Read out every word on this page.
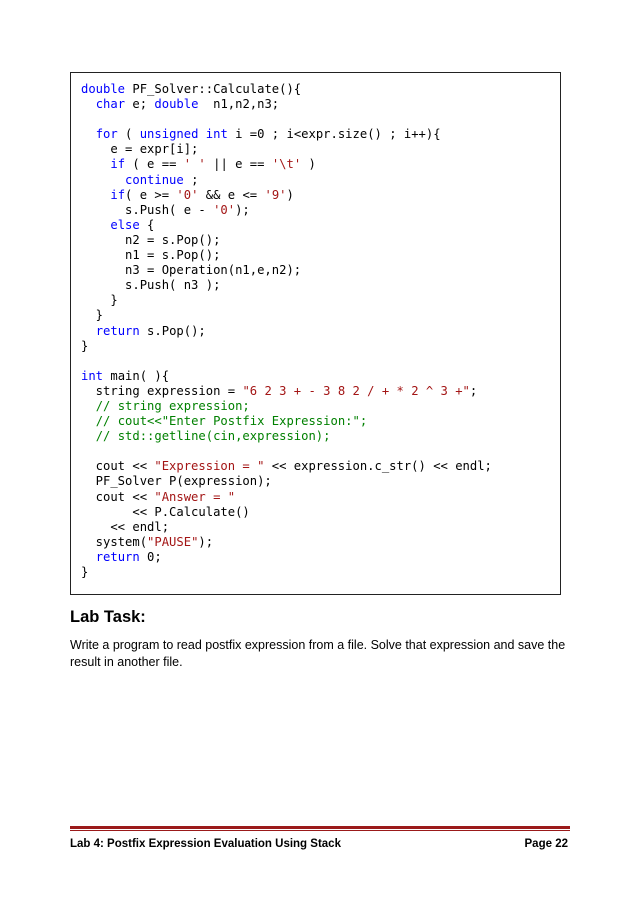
double PF_Solver::Calculate(){
char e; double  n1,n2,n3;

for ( unsigned int i =0 ; i<expr.size() ; i++){
e = expr[i];
if ( e == ' ' || e == '\t' )
continue ;
if( e >= '0' && e <= '9')
s.Push( e - '0');
else {
n2 = s.Pop();
n1 = s.Pop();
n3 = Operation(n1,e,n2);
s.Push( n3 );
}
}
return s.Pop();
}

int main( ){
string expression = "6 2 3 + - 3 8 2 / + * 2 ^ 3 +";
// string expression;
// cout<<"Enter Postfix Expression:";
// std::getline(cin,expression);

cout << "Expression = " << expression.c_str() << endl;
PF_Solver P(expression);
cout << "Answer = "
<< P.Calculate()
<< endl;
system("PAUSE");
return 0;
}
Lab Task:
Write a program to read postfix expression from a file. Solve that expression and save the result in another file.
Lab 4: Postfix Expression Evaluation Using Stack	Page 22
